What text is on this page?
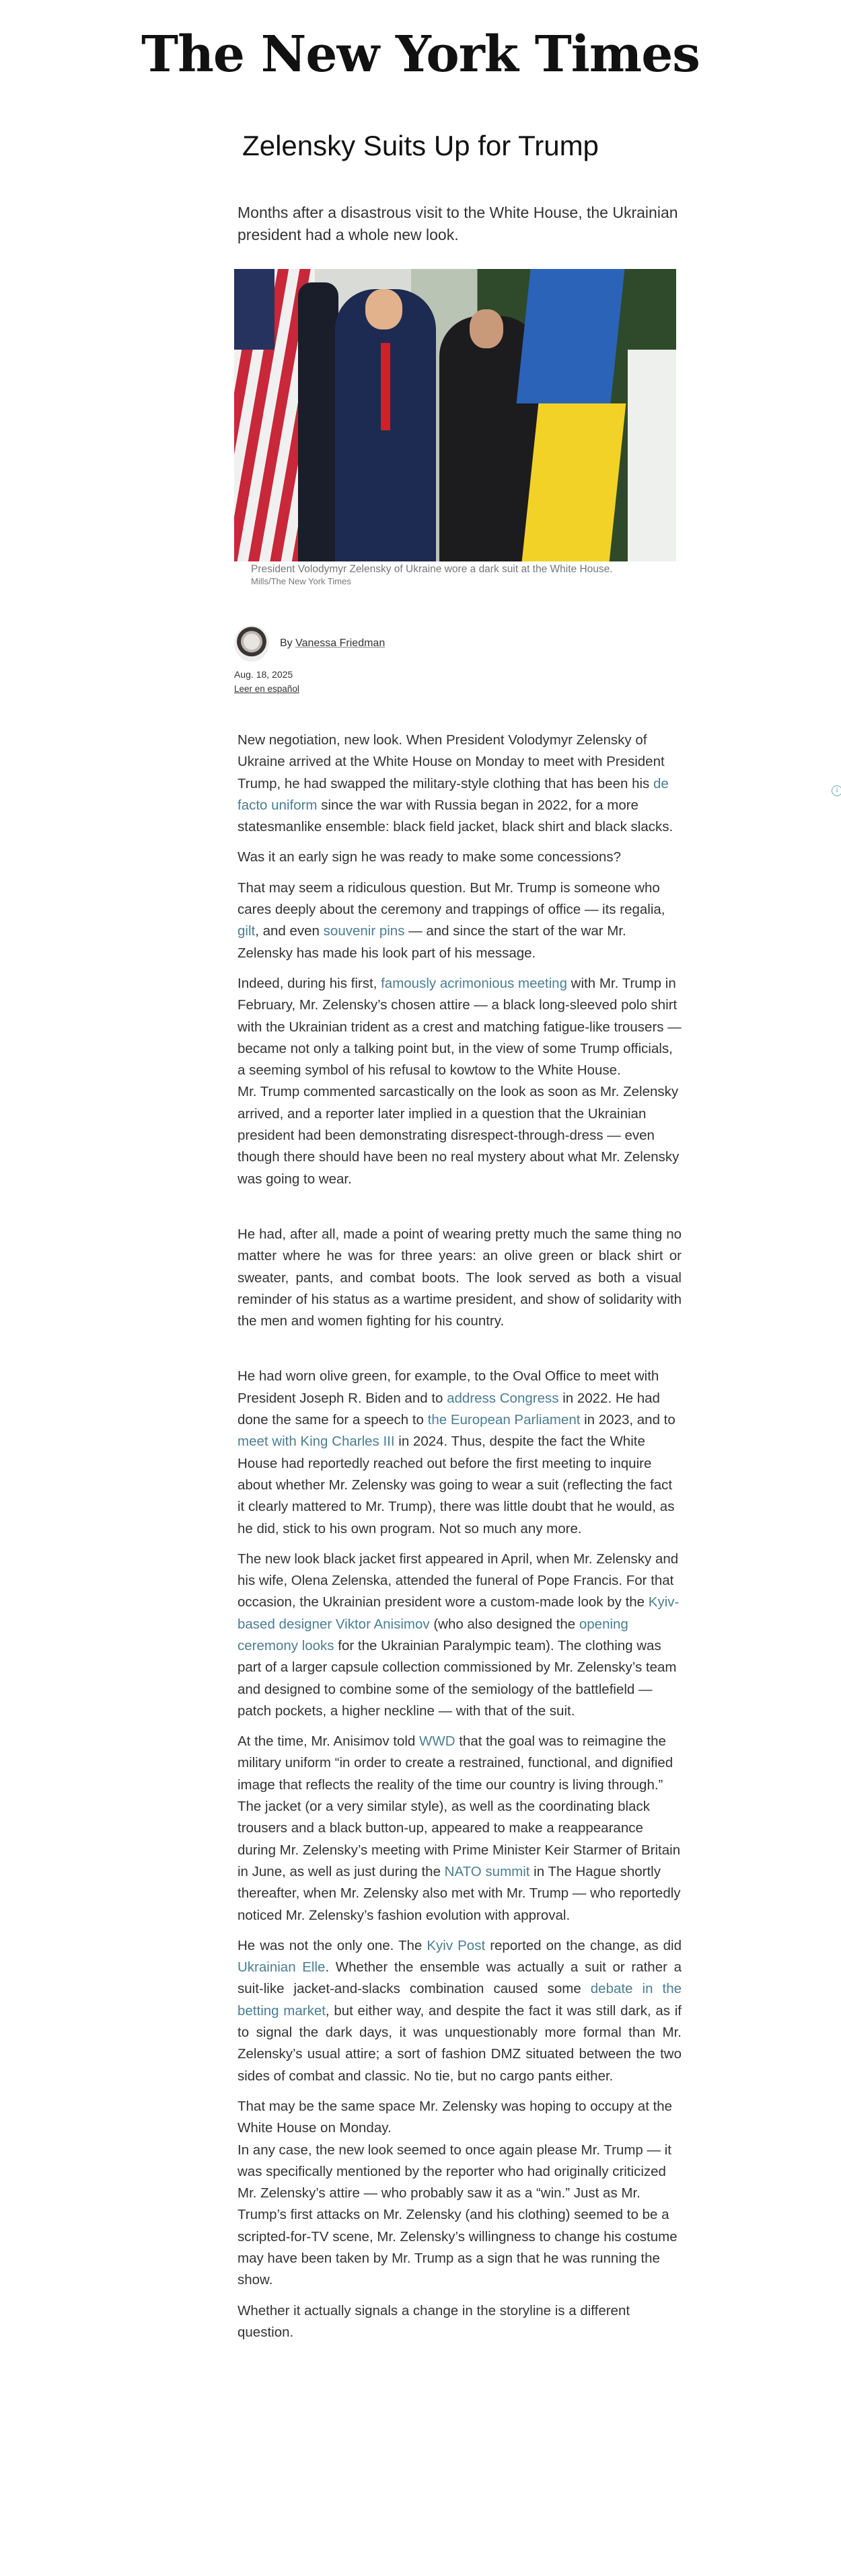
The New York Times
Zelensky Suits Up for Trump

Months after a disastrous visit to the White House, the Ukrainian president had a whole new look.

President Volodymyr Zelensky of Ukraine wore a dark suit at the White House.
Mills/The New York Times
By Vanessa Friedman
Aug. 18, 2025
Leer en español
i

New negotiation, new look. When President Volodymyr Zelensky of Ukraine arrived at the White House on Monday to meet with President Trump, he had swapped the military-style clothing that has been his de facto uniform since the war with Russia began in 2022, for a more statesmanlike ensemble: black field jacket, black shirt and black slacks.

Was it an early sign he was ready to make some concessions?

That may seem a ridiculous question. But Mr. Trump is someone who cares deeply about the ceremony and trappings of office — its regalia, gilt, and even souvenir pins — and since the start of the war Mr. Zelensky has made his look part of his message.

Indeed, during his first, famously acrimonious meeting with Mr. Trump in February, Mr. Zelensky’s chosen attire — a black long-sleeved polo shirt with the Ukrainian trident as a crest and matching fatigue-like trousers — became not only a talking point but, in the view of some Trump officials, a seeming symbol of his refusal to kowtow to the White House.

Mr. Trump commented sarcastically on the look as soon as Mr. Zelensky arrived, and a reporter later implied in a question that the Ukrainian president had been demonstrating disrespect-through-dress — even though there should have been no real mystery about what Mr. Zelensky was going to wear.

He had, after all, made a point of wearing pretty much the same thing no matter where he was for three years: an olive green or black shirt or sweater, pants, and combat boots. The look served as both a visual reminder of his status as a wartime president, and show of solidarity with the men and women fighting for his country.

He had worn olive green, for example, to the Oval Office to meet with President Joseph R. Biden and to address Congress in 2022. He had done the same for a speech to the European Parliament in 2023, and to meet with King Charles III in 2024. Thus, despite the fact the White House had reportedly reached out before the first meeting to inquire about whether Mr. Zelensky was going to wear a suit (reflecting the fact it clearly mattered to Mr. Trump), there was little doubt that he would, as he did, stick to his own program. Not so much any more.

The new look black jacket first appeared in April, when Mr. Zelensky and his wife, Olena Zelenska, attended the funeral of Pope Francis. For that occasion, the Ukrainian president wore a custom-made look by the Kyiv-based designer Viktor Anisimov (who also designed the opening ceremony looks for the Ukrainian Paralympic team). The clothing was part of a larger capsule collection commissioned by Mr. Zelensky’s team and designed to combine some of the semiology of the battlefield — patch pockets, a higher neckline — with that of the suit.

At the time, Mr. Anisimov told WWD that the goal was to reimagine the military uniform “in order to create a restrained, functional, and dignified image that reflects the reality of the time our country is living through.”

The jacket (or a very similar style), as well as the coordinating black trousers and a black button-up, appeared to make a reappearance during Mr. Zelensky’s meeting with Prime Minister Keir Starmer of Britain in June, as well as just during the NATO summit in The Hague shortly thereafter, when Mr. Zelensky also met with Mr. Trump — who reportedly noticed Mr. Zelensky’s fashion evolution with approval.

He was not the only one. The Kyiv Post reported on the change, as did Ukrainian Elle. Whether the ensemble was actually a suit or rather a suit-like jacket-and-slacks combination caused some debate in the betting market, but either way, and despite the fact it was still dark, as if to signal the dark days, it was unquestionably more formal than Mr. Zelensky’s usual attire; a sort of fashion DMZ situated between the two sides of combat and classic. No tie, but no cargo pants either.

That may be the same space Mr. Zelensky was hoping to occupy at the White House on Monday.

In any case, the new look seemed to once again please Mr. Trump — it was specifically mentioned by the reporter who had originally criticized Mr. Zelensky’s attire — who probably saw it as a “win.” Just as Mr. Trump’s first attacks on Mr. Zelensky (and his clothing) seemed to be a scripted-for-TV scene, Mr. Zelensky’s willingness to change his costume may have been taken by Mr. Trump as a sign that he was running the show.

Whether it actually signals a change in the storyline is a different question.
